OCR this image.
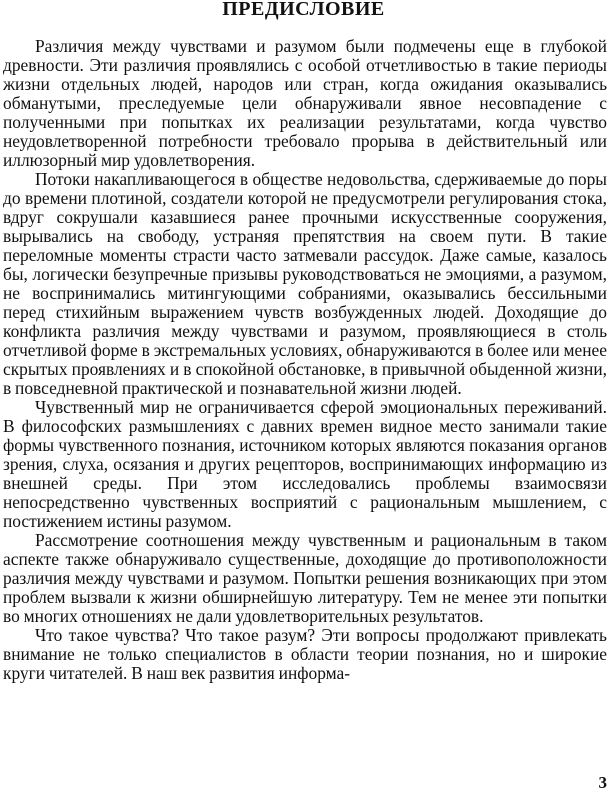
ПРЕДИСЛОВИЕ

Различия между чувствами и разумом были подмечены еще в глубокой древности. Эти различия проявлялись с особой отчетливостью в такие периоды жизни отдельных людей, народов или стран, когда ожидания оказывались обманутыми, преследуемые цели обнаруживали явное несовпадение с полученными при попытках их реализации результатами, когда чувство неудовлетворенной потребности требовало прорыва в действительный или иллюзорный мир удовлетворения.

Потоки накапливающегося в обществе недовольства, сдерживаемые до поры до времени плотиной, создатели которой не предусмотрели регулирования стока, вдруг сокрушали казавшиеся ранее прочными искусственные сооружения, вырывались на свободу, устраняя препятствия на своем пути. В такие переломные моменты страсти часто затмевали рассудок. Даже самые, казалось бы, логически безупречные призывы руководствоваться не эмоциями, а разумом, не воспринимались митингующими собраниями, оказывались бессильными перед стихийным выражением чувств возбужденных людей. Доходящие до конфликта различия между чувствами и разумом, проявляющиеся в столь отчетливой форме в экстремальных условиях, обнаруживаются в более или менее скрытых проявлениях и в спокойной обстановке, в привычной обыденной жизни, в повседневной практической и познавательной жизни людей.

Чувственный мир не ограничивается сферой эмоциональных переживаний. В философских размышлениях с давних времен видное место занимали такие формы чувственного познания, источником которых являются показания органов зрения, слуха, осязания и других рецепторов, воспринимающих информацию из внешней среды. При этом исследовались проблемы взаимосвязи непосредственно чувственных восприятий с рациональным мышлением, с постижением истины разумом.

Рассмотрение соотношения между чувственным и рациональным в таком аспекте также обнаруживало существенные, доходящие до противоположности различия между чувствами и разумом. Попытки решения возникающих при этом проблем вызвали к жизни обширнейшую литературу. Тем не менее эти попытки во многих отношениях не дали удовлетворительных результатов.

Что такое чувства? Что такое разум? Эти вопросы продолжают привлекать внимание не только специалистов в области теории познания, но и широкие круги читателей. В наш век развития информа-

3
